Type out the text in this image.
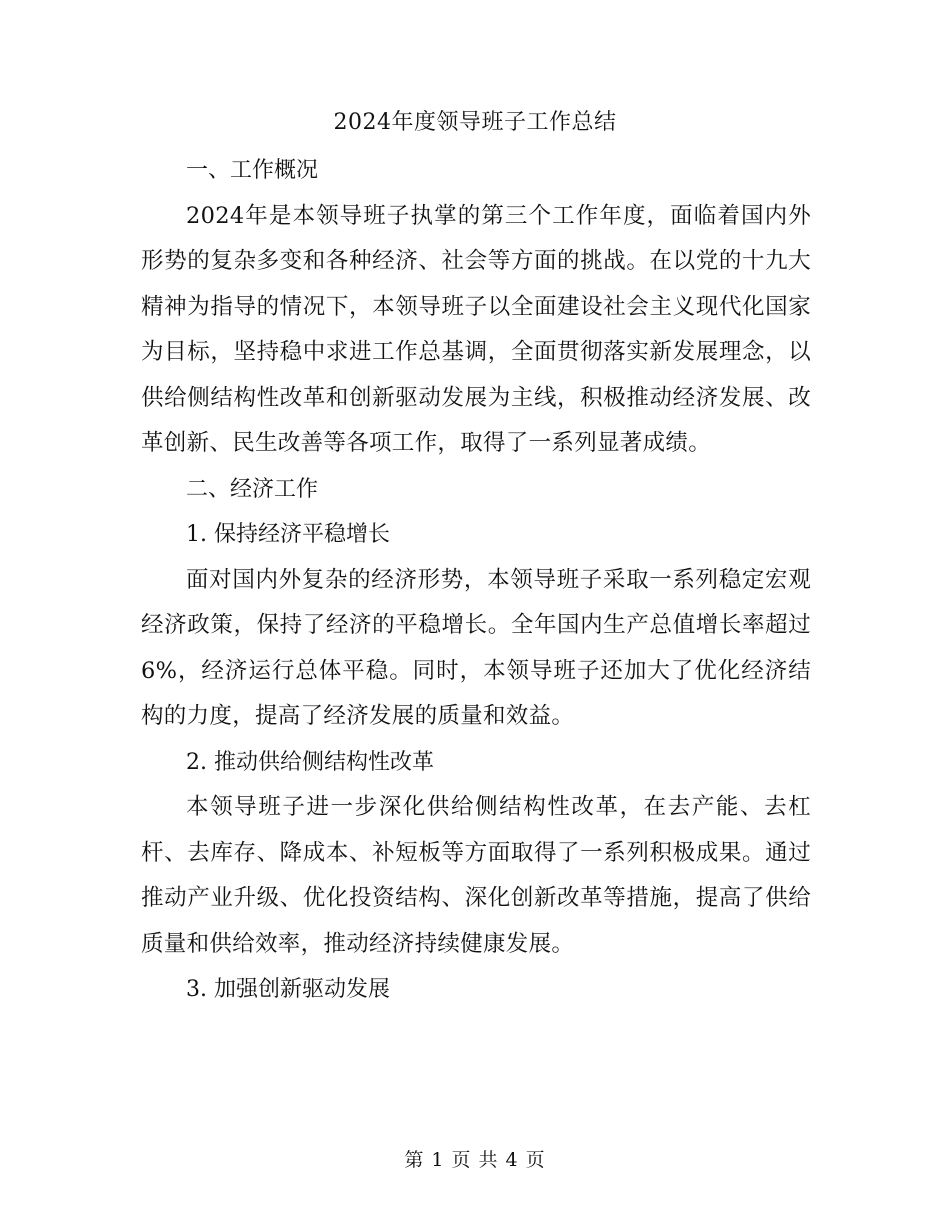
2024年度领导班子工作总结

一、工作概况

2024年是本领导班子执掌的第三个工作年度，面临着国内外形势的复杂多变和各种经济、社会等方面的挑战。在以党的十九大精神为指导的情况下，本领导班子以全面建设社会主义现代化国家为目标，坚持稳中求进工作总基调，全面贯彻落实新发展理念，以供给侧结构性改革和创新驱动发展为主线，积极推动经济发展、改革创新、民生改善等各项工作，取得了一系列显著成绩。

二、经济工作

1. 保持经济平稳增长

面对国内外复杂的经济形势，本领导班子采取一系列稳定宏观经济政策，保持了经济的平稳增长。全年国内生产总值增长率超过6%，经济运行总体平稳。同时，本领导班子还加大了优化经济结构的力度，提高了经济发展的质量和效益。

2. 推动供给侧结构性改革

本领导班子进一步深化供给侧结构性改革，在去产能、去杠杆、去库存、降成本、补短板等方面取得了一系列积极成果。通过推动产业升级、优化投资结构、深化创新改革等措施，提高了供给质量和供给效率，推动经济持续健康发展。

3. 加强创新驱动发展

第 1 页 共 4 页
